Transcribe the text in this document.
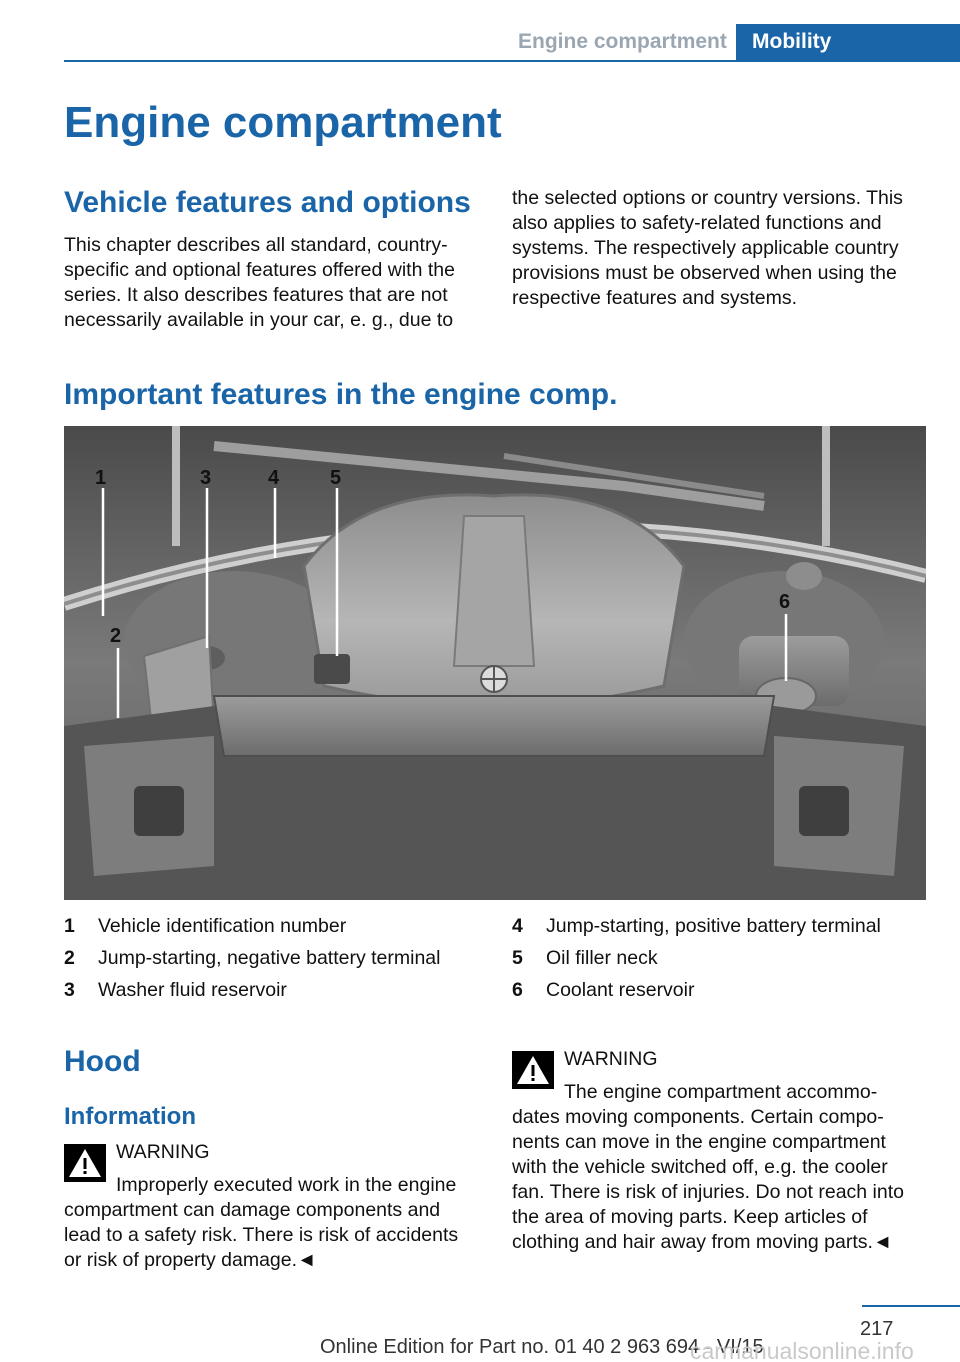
Engine compartment	Mobility
Engine compartment
Vehicle features and options
This chapter describes all standard, country-
specific and optional features offered with the
series. It also describes features that are not
necessarily available in your car, e. g., due to
the selected options or country versions. This
also applies to safety-related functions and
systems. The respectively applicable country
provisions must be observed when using the
respective features and systems.
Important features in the engine comp.
1
2
3	4	5
6
1	Vehicle identification number
2	Jump-starting, negative battery terminal
3	Washer fluid reservoir
4	Jump-starting, positive battery terminal
5	Oil filler neck
6	Coolant reservoir
Hood
Information
WARNING
Improperly executed work in the engine
compartment can damage components and
lead to a safety risk. There is risk of accidents
or risk of property damage.◄
WARNING
The engine compartment accommo-
dates moving components. Certain compo-
nents can move in the engine compartment
with the vehicle switched off, e.g. the cooler
fan. There is risk of injuries. Do not reach into
the area of moving parts. Keep articles of
clothing and hair away from moving parts.◄
217
Online Edition for Part no. 01 40 2 963 694 - VI/15
carmanualsonline.info
